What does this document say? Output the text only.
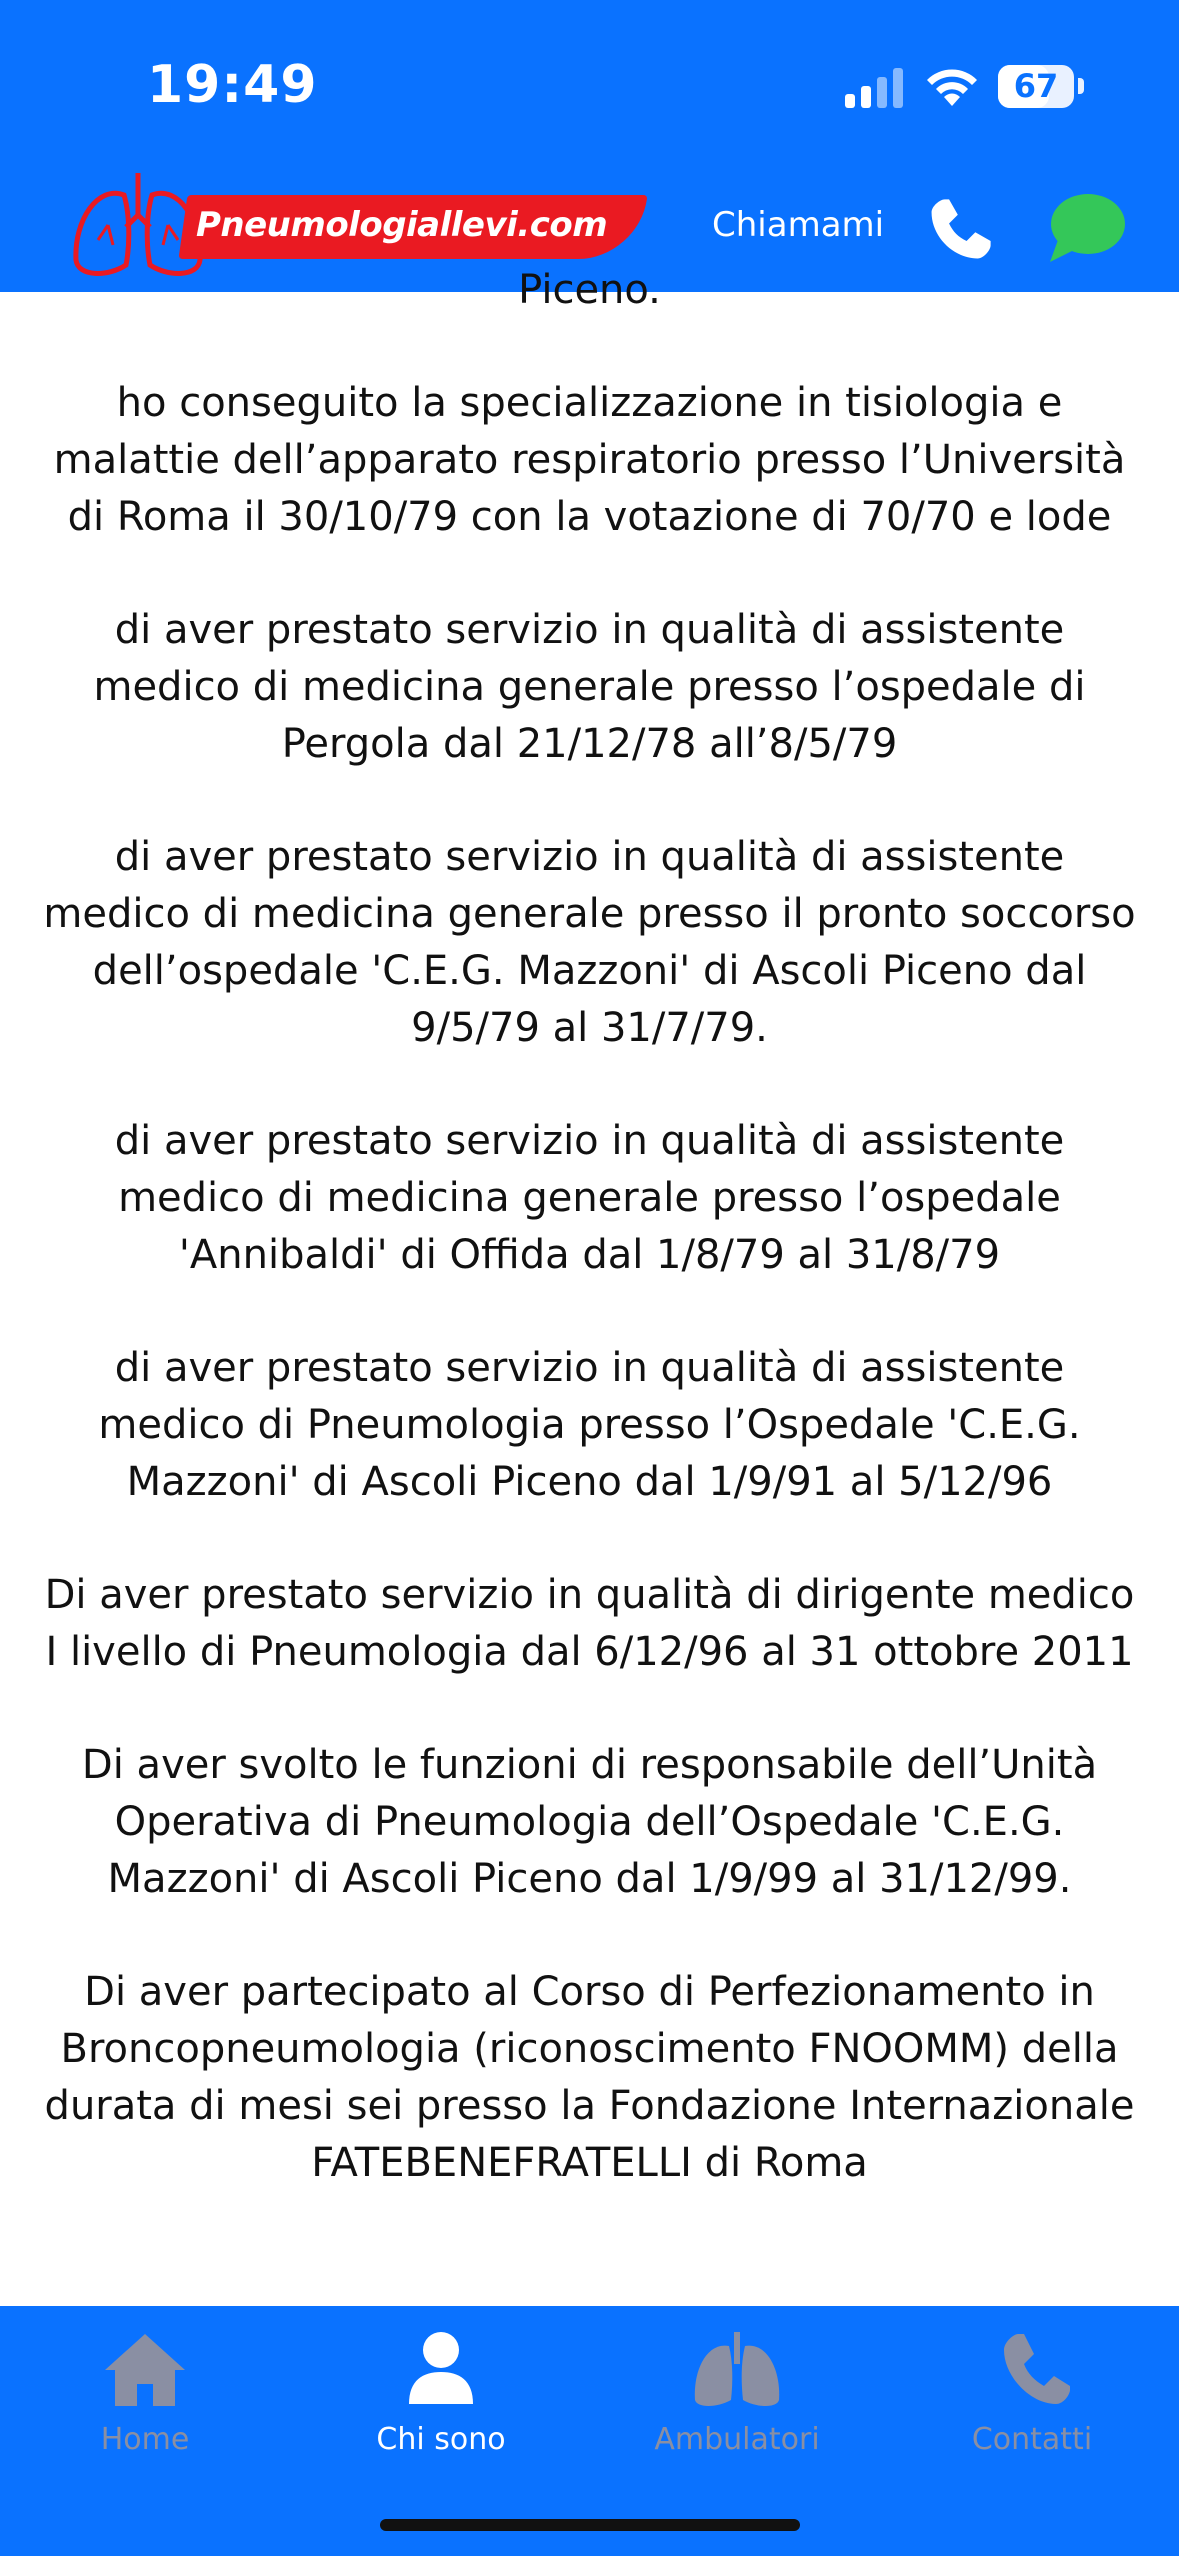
19:49	67
Pneumologiallevi.com	Chiamami

Piceno.

ho conseguito la specializzazione in tisiologia e malattie dell’apparato respiratorio presso l’Università di Roma il 30/10/79 con la votazione di 70/70 e lode

di aver prestato servizio in qualità di assistente medico di medicina generale presso l’ospedale di Pergola dal 21/12/78 all’8/5/79

di aver prestato servizio in qualità di assistente medico di medicina generale presso il pronto soccorso dell’ospedale 'C.E.G. Mazzoni' di Ascoli Piceno dal 9/5/79 al 31/7/79.

di aver prestato servizio in qualità di assistente medico di medicina generale presso l’ospedale 'Annibaldi' di Offida dal 1/8/79 al 31/8/79

di aver prestato servizio in qualità di assistente medico di Pneumologia presso l’Ospedale 'C.E.G. Mazzoni' di Ascoli Piceno dal 1/9/91 al 5/12/96

Di aver prestato servizio in qualità di dirigente medico I livello di Pneumologia dal 6/12/96 al 31 ottobre 2011

Di aver svolto le funzioni di responsabile dell’Unità Operativa di Pneumologia dell’Ospedale 'C.E.G. Mazzoni' di Ascoli Piceno dal 1/9/99 al 31/12/99.

Di aver partecipato al Corso di Perfezionamento in Broncopneumologia (riconoscimento FNOOMM) della durata di mesi sei presso la Fondazione Internazionale FATEBENEFRATELLI di Roma

Home	Chi sono	Ambulatori	Contatti
